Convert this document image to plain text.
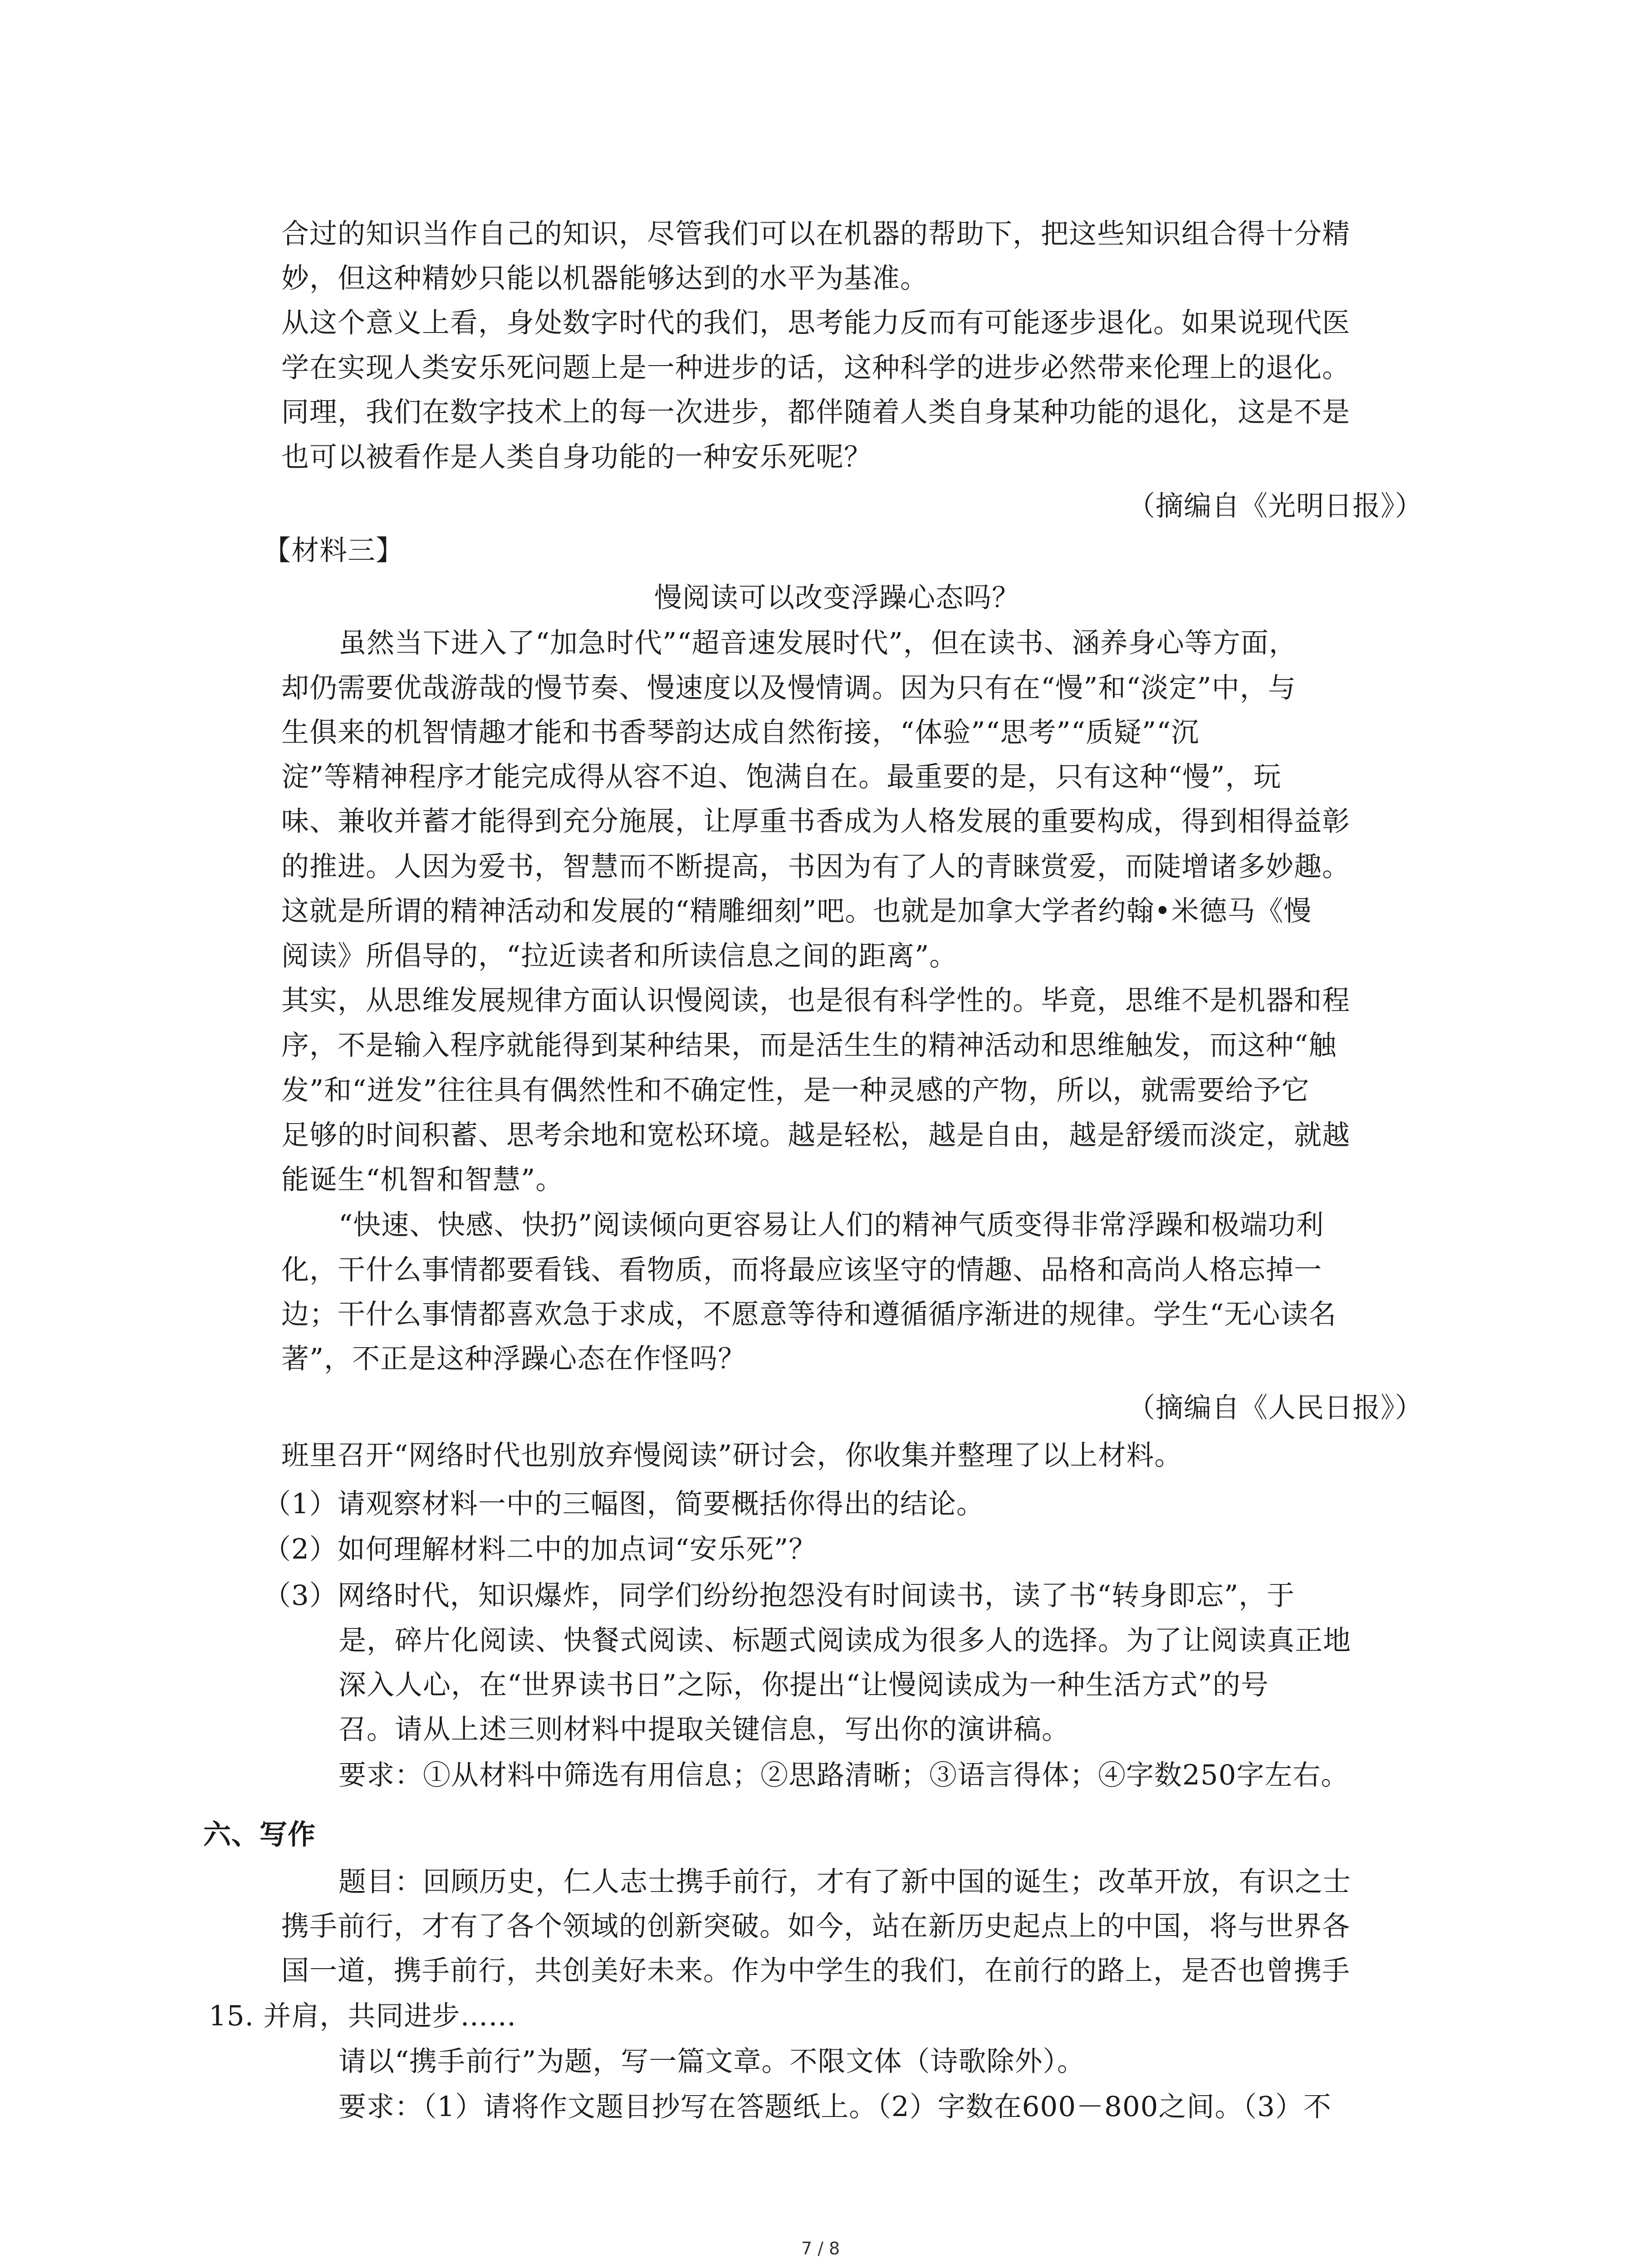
合过的知识当作自己的知识，尽管我们可以在机器的帮助下，把这些知识组合得十分精
妙，但这种精妙只能以机器能够达到的水平为基准。
从这个意义上看，身处数字时代的我们，思考能力反而有可能逐步退化。如果说现代医
学在实现人类安乐死问题上是一种进步的话，这种科学的进步必然带来伦理上的退化。
同理，我们在数字技术上的每一次进步，都伴随着人类自身某种功能的退化，这是不是
也可以被看作是人类自身功能的一种安乐死呢？
（摘编自《光明日报》）
【材料三】
慢阅读可以改变浮躁心态吗？
虽然当下进入了“加急时代”“超音速发展时代”，但在读书、涵养身心等方面，
却仍需要优哉游哉的慢节奏、慢速度以及慢情调。因为只有在“慢”和“淡定”中，与
生俱来的机智情趣才能和书香琴韵达成自然衔接，“体验”“思考”“质疑”“沉
淀”等精神程序才能完成得从容不迫、饱满自在。最重要的是，只有这种“慢”，玩
味、兼收并蓄才能得到充分施展，让厚重书香成为人格发展的重要构成，得到相得益彰
的推进。人因为爱书，智慧而不断提高，书因为有了人的青睐赏爱，而陡增诸多妙趣。
这就是所谓的精神活动和发展的“精雕细刻”吧。也就是加拿大学者约翰•米德马《慢
阅读》所倡导的，“拉近读者和所读信息之间的距离”。
其实，从思维发展规律方面认识慢阅读，也是很有科学性的。毕竟，思维不是机器和程
序，不是输入程序就能得到某种结果，而是活生生的精神活动和思维触发，而这种“触
发”和“迸发”往往具有偶然性和不确定性，是一种灵感的产物，所以，就需要给予它
足够的时间积蓄、思考余地和宽松环境。越是轻松，越是自由，越是舒缓而淡定，就越
能诞生“机智和智慧”。
“快速、快感、快扔”阅读倾向更容易让人们的精神气质变得非常浮躁和极端功利
化，干什么事情都要看钱、看物质，而将最应该坚守的情趣、品格和高尚人格忘掉一
边；干什么事情都喜欢急于求成，不愿意等待和遵循循序渐进的规律。学生“无心读名
著”，不正是这种浮躁心态在作怪吗？
（摘编自《人民日报》）
班里召开“网络时代也别放弃慢阅读”研讨会，你收集并整理了以上材料。
（1）请观察材料一中的三幅图，简要概括你得出的结论。
（2）如何理解材料二中的加点词“安乐死”？
（3）网络时代，知识爆炸，同学们纷纷抱怨没有时间读书，读了书“转身即忘”，于
是，碎片化阅读、快餐式阅读、标题式阅读成为很多人的选择。为了让阅读真正地
深入人心，在“世界读书日”之际，你提出“让慢阅读成为一种生活方式”的号
召。请从上述三则材料中提取关键信息，写出你的演讲稿。
要求：①从材料中筛选有用信息；②思路清晰；③语言得体；④字数250字左右。
六、写作
题目：回顾历史，仁人志士携手前行，才有了新中国的诞生；改革开放，有识之士
携手前行，才有了各个领域的创新突破。如今，站在新历史起点上的中国，将与世界各
国一道，携手前行，共创美好未来。作为中学生的我们，在前行的路上，是否也曾携手
15. 并肩，共同进步……
请以“携手前行”为题，写一篇文章。不限文体（诗歌除外）。
要求：（1）请将作文题目抄写在答题纸上。（2）字数在600－800之间。（3）不
7 / 8
